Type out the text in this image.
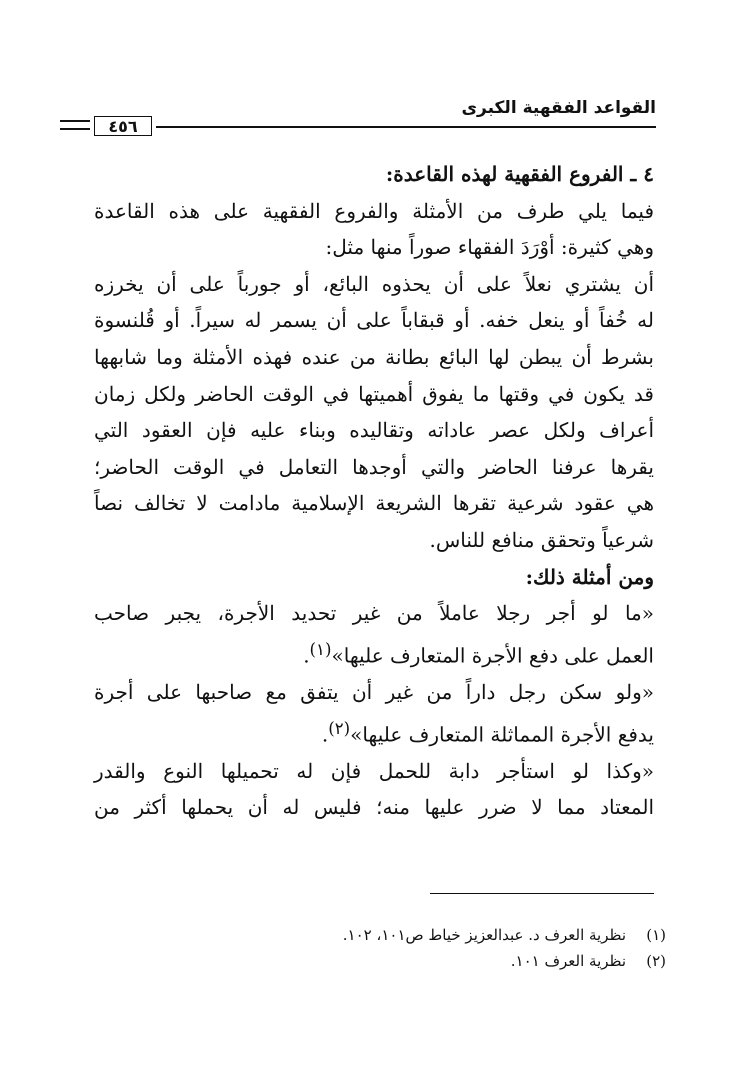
٤٥٦
القواعد الفقهية الكبرى
٤ ـ الفروع الفقهية لهذه القاعدة:
فيما يلي طرف من الأمثلة والفروع الفقهية على هذه القاعدة
وهي كثيرة: أوْرَدَ الفقهاء صوراً منها مثل:
أن يشتري نعلاً على أن يحذوه البائع، أو جورباً على أن يخرزه
له خُفاً أو ينعل خفه. أو قبقاباً على أن يسمر له سيراً. أو قُلنسوة
بشرط أن يبطن لها البائع بطانة من عنده فهذه الأمثلة وما شابهها
قد يكون في وقتها ما يفوق أهميتها في الوقت الحاضر ولكل زمان
أعراف ولكل عصر عاداته وتقاليده وبناء عليه فإن العقود التي
يقرها عرفنا الحاضر والتي أوجدها التعامل في الوقت الحاضر؛
هي عقود شرعية تقرها الشريعة الإسلامية مادامت لا تخالف نصاً
شرعياً وتحقق منافع للناس.
ومن أمثلة ذلك:
«ما لو أجر رجلا عاملاً من غير تحديد الأجرة، يجبر صاحب
العمل على دفع الأجرة المتعارف عليها»$^{(١)}$.
«ولو سكن رجل داراً من غير أن يتفق مع صاحبها على أجرة
يدفع الأجرة المماثلة المتعارف عليها»$^{(٢)}$.
«وكذا لو استأجر دابة للحمل فإن له تحميلها النوع والقدر
المعتاد مما لا ضرر عليها منه؛ فليس له أن يحملها أكثر من
(١)نظرية العرف د. عبدالعزيز خياط ص١٠١، ١٠٢.
(٢)نظرية العرف ١٠١.
